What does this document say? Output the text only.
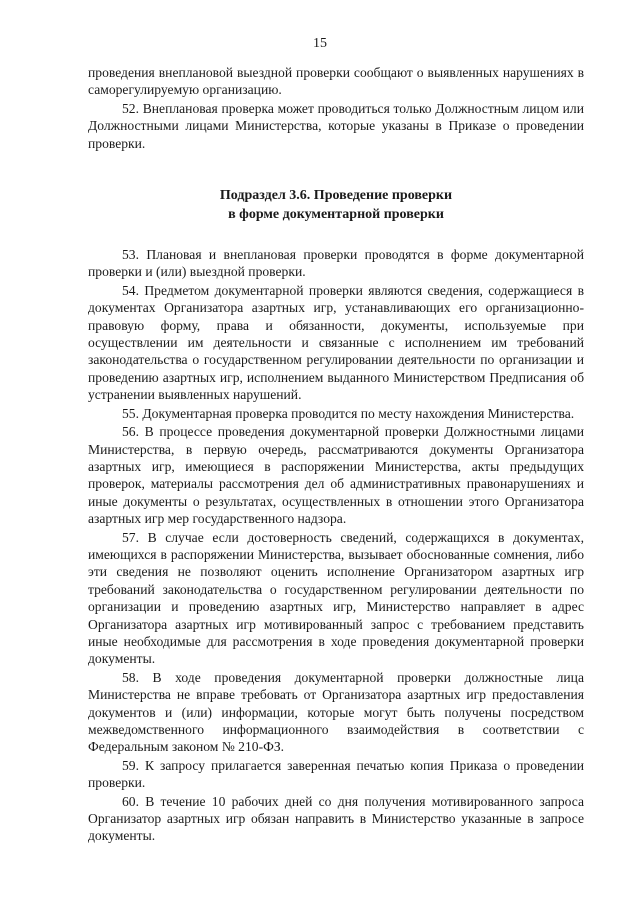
15

проведения внеплановой выездной проверки сообщают о выявленных нарушениях в саморегулируемую организацию.

52. Внеплановая проверка может проводиться только Должностным лицом или Должностными лицами Министерства, которые указаны в Приказе о проведении проверки.

Подраздел 3.6. Проведение проверки
в форме документарной проверки

53. Плановая и внеплановая проверки проводятся в форме документарной проверки и (или) выездной проверки.

54. Предметом документарной проверки являются сведения, содержащиеся в документах Организатора азартных игр, устанавливающих его организационно-правовую форму, права и обязанности, документы, используемые при осуществлении им деятельности и связанные с исполнением им требований законодательства о государственном регулировании деятельности по организации и проведению азартных игр, исполнением выданного Министерством Предписания об устранении выявленных нарушений.

55. Документарная проверка проводится по месту нахождения Министерства.

56. В процессе проведения документарной проверки Должностными лицами Министерства, в первую очередь, рассматриваются документы Организатора азартных игр, имеющиеся в распоряжении Министерства, акты предыдущих проверок, материалы рассмотрения дел об административных правонарушениях и иные документы о результатах, осуществленных в отношении этого Организатора азартных игр мер государственного надзора.

57. В случае если достоверность сведений, содержащихся в документах, имеющихся в распоряжении Министерства, вызывает обоснованные сомнения, либо эти сведения не позволяют оценить исполнение Организатором азартных игр требований законодательства о государственном регулировании деятельности по организации и проведению азартных игр, Министерство направляет в адрес Организатора азартных игр мотивированный запрос с требованием представить иные необходимые для рассмотрения в ходе проведения документарной проверки документы.

58. В ходе проведения документарной проверки должностные лица Министерства не вправе требовать от Организатора азартных игр предоставления документов и (или) информации, которые могут быть получены посредством межведомственного информационного взаимодействия в соответствии с Федеральным законом № 210-ФЗ.

59. К запросу прилагается заверенная печатью копия Приказа о проведении проверки.

60. В течение 10 рабочих дней со дня получения мотивированного запроса Организатор азартных игр обязан направить в Министерство указанные в запросе документы.
